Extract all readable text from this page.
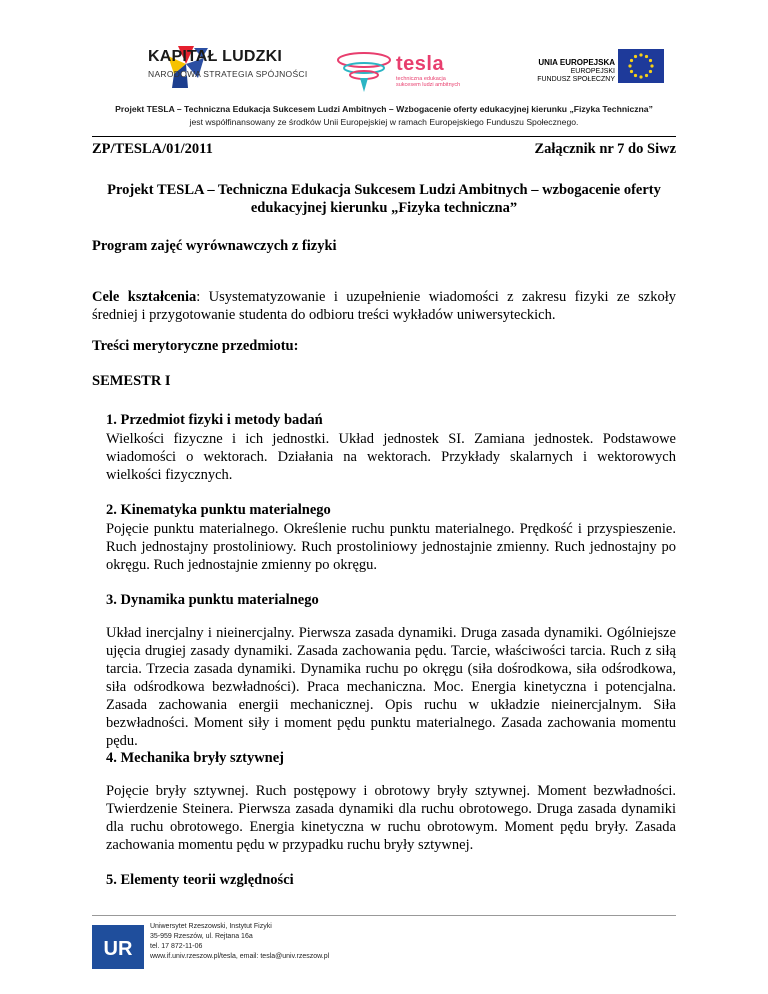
KAPITAŁ LUDZKI
NARODOWA STRATEGIA SPÓJNOŚCI	tesla
techniczna edukacja
sukcesem ludzi ambitnych
UNIA EUROPEJSKA
EUROPEJSKI
FUNDUSZ SPOŁECZNY
Projekt TESLA – Techniczna Edukacja Sukcesem Ludzi Ambitnych – Wzbogacenie oferty edukacyjnej kierunku „Fizyka Techniczna”
jest współfinansowany ze środków Unii Europejskiej w ramach Europejskiego Funduszu Społecznego.
ZP/TESLA/01/2011	Załącznik nr 7 do Siwz
Projekt TESLA – Techniczna Edukacja Sukcesem Ludzi Ambitnych – wzbogacenie oferty edukacyjnej kierunku „Fizyka techniczna”
Program zajęć wyrównawczych z fizyki
Cele kształcenia: Usystematyzowanie i uzupełnienie wiadomości z zakresu fizyki ze szkoły średniej i przygotowanie studenta do odbioru treści wykładów uniwersyteckich.
Treści merytoryczne przedmiotu:
SEMESTR I
1. Przedmiot fizyki i metody badań
Wielkości fizyczne i ich jednostki. Układ jednostek SI. Zamiana jednostek. Podstawowe wiadomości o wektorach. Działania na wektorach. Przykłady skalarnych i wektorowych wielkości fizycznych.
2. Kinematyka punktu materialnego
Pojęcie punktu materialnego. Określenie ruchu punktu materialnego. Prędkość i przyspieszenie. Ruch jednostajny prostoliniowy. Ruch prostoliniowy jednostajnie zmienny. Ruch jednostajny po okręgu. Ruch jednostajnie zmienny po okręgu.
3. Dynamika punktu materialnego
Układ inercjalny i nieinercjalny. Pierwsza zasada dynamiki. Druga zasada dynamiki. Ogólniejsze ujęcia drugiej zasady dynamiki. Zasada zachowania pędu. Tarcie, właściwości tarcia. Ruch z siłą tarcia. Trzecia zasada dynamiki. Dynamika ruchu po okręgu (siła dośrodkowa, siła odśrodkowa, siła odśrodkowa bezwładności). Praca mechaniczna. Moc. Energia kinetyczna i potencjalna. Zasada zachowania energii mechanicznej. Opis ruchu w układzie nieinercjalnym. Siła bezwładności. Moment siły i moment pędu punktu materialnego. Zasada zachowania momentu pędu.
4. Mechanika bryły sztywnej
Pojęcie bryły sztywnej. Ruch postępowy i obrotowy bryły sztywnej. Moment bezwładności. Twierdzenie Steinera. Pierwsza zasada dynamiki dla ruchu obrotowego. Druga zasada dynamiki dla ruchu obrotowego. Energia kinetyczna w ruchu obrotowym. Moment pędu bryły. Zasada zachowania momentu pędu w przypadku ruchu bryły sztywnej.
5. Elementy teorii względności
UR
Uniwersytet Rzeszowski, Instytut Fizyki
35-959 Rzeszów, ul. Rejtana 16a
tel. 17 872-11-06
www.if.univ.rzeszow.pl/tesla, email: tesla@univ.rzeszow.pl
